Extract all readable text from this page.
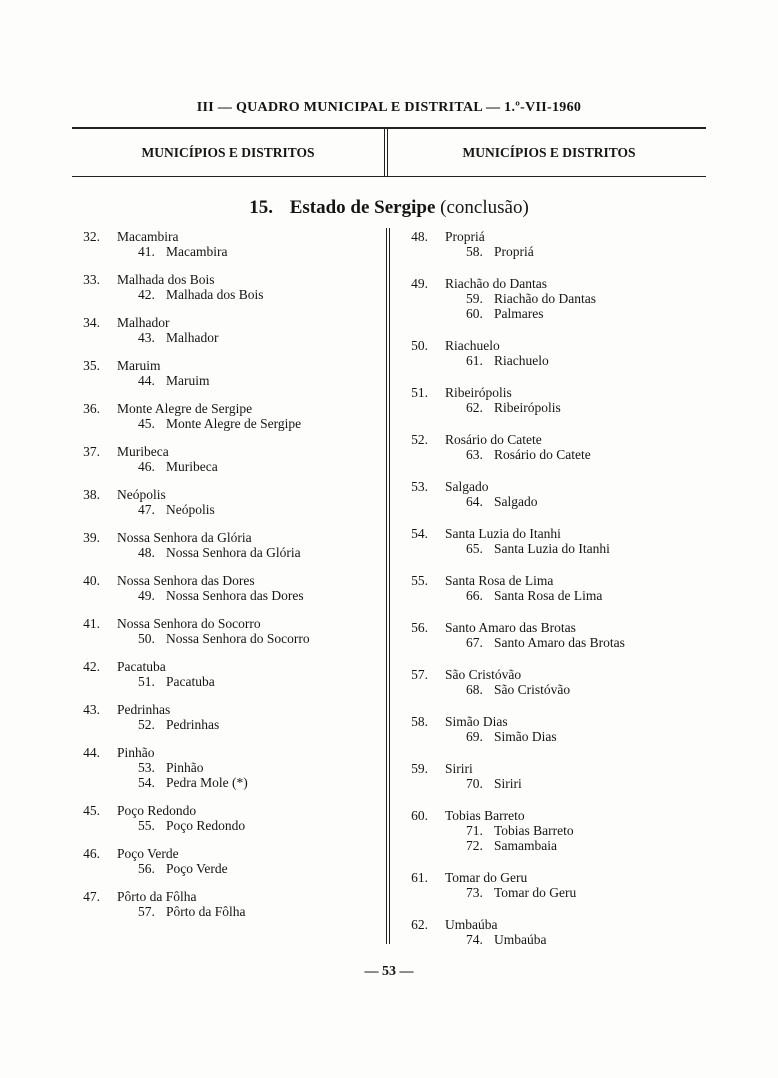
III — QUADRO MUNICIPAL E DISTRITAL — 1.º-VII-1960
MUNICÍPIOS E DISTRITOS	MUNICÍPIOS E DISTRITOS
15. Estado de Sergipe (conclusão)
32. Macambira
41. Macambira
33. Malhada dos Bois
42. Malhada dos Bois
34. Malhador
43. Malhador
35. Maruim
44. Maruim
36. Monte Alegre de Sergipe
45. Monte Alegre de Sergipe
37. Muribeca
46. Muribeca
38. Neópolis
47. Neópolis
39. Nossa Senhora da Glória
48. Nossa Senhora da Glória
40. Nossa Senhora das Dores
49. Nossa Senhora das Dores
41. Nossa Senhora do Socorro
50. Nossa Senhora do Socorro
42. Pacatuba
51. Pacatuba
43. Pedrinhas
52. Pedrinhas
44. Pinhão
53. Pinhão
54. Pedra Mole (*)
45. Poço Redondo
55. Poço Redondo
46. Poço Verde
56. Poço Verde
47. Pôrto da Fôlha
57. Pôrto da Fôlha
48. Propriá
58. Propriá
49. Riachão do Dantas
59. Riachão do Dantas
60. Palmares
50. Riachuelo
61. Riachuelo
51. Ribeirópolis
62. Ribeirópolis
52. Rosário do Catete
63. Rosário do Catete
53. Salgado
64. Salgado
54. Santa Luzia do Itanhi
65. Santa Luzia do Itanhi
55. Santa Rosa de Lima
66. Santa Rosa de Lima
56. Santo Amaro das Brotas
67. Santo Amaro das Brotas
57. São Cristóvão
68. São Cristóvão
58. Simão Dias
69. Simão Dias
59. Siriri
70. Siriri
60. Tobias Barreto
71. Tobias Barreto
72. Samambaia
61. Tomar do Geru
73. Tomar do Geru
62. Umbaúba
74. Umbaúba
— 53 —
